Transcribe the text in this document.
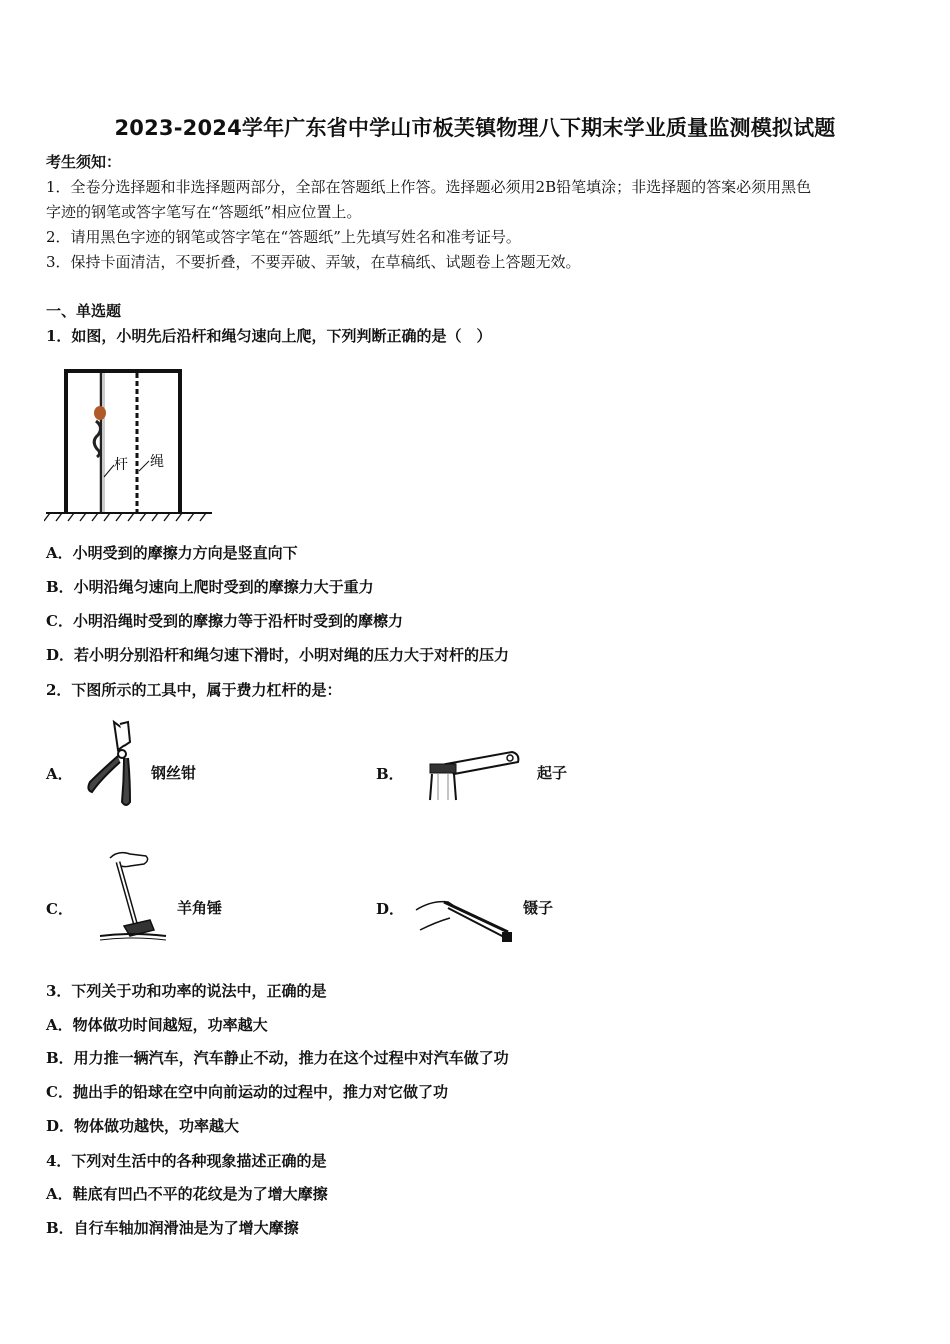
2023-2024学年广东省中学山市板芙镇物理八下期末学业质量监测模拟试题
考生须知：
1．全卷分选择题和非选择题两部分，全部在答题纸上作答。选择题必须用2B铅笔填涂；非选择题的答案必须用黑色
字迹的钢笔或答字笔写在“答题纸”相应位置上。
2．请用黑色字迹的钢笔或答字笔在“答题纸”上先填写姓名和准考证号。
3．保持卡面清洁，不要折叠，不要弄破、弄皱，在草稿纸、试题卷上答题无效。
一、单选题
1．如图，小明先后沿杆和绳匀速向上爬，下列判断正确的是（　）
杆 绳
A．小明受到的摩擦力方向是竖直向下
B．小明沿绳匀速向上爬时受到的摩擦力大于重力
C．小明沿绳时受到的摩擦力等于沿杆时受到的摩檫力
D．若小明分别沿杆和绳匀速下滑时，小明对绳的压力大于对杆的压力
2．下图所示的工具中，属于费力杠杆的是：
A．	钢丝钳	B．	起子
C．	羊角锤	D．	镊子
3．下列关于功和功率的说法中，正确的是
A．物体做功时间越短，功率越大
B．用力推一辆汽车，汽车静止不动，推力在这个过程中对汽车做了功
C．抛出手的铅球在空中向前运动的过程中，推力对它做了功
D．物体做功越快，功率越大
4．下列对生活中的各种现象描述正确的是
A．鞋底有凹凸不平的花纹是为了增大摩擦
B．自行车轴加润滑油是为了增大摩擦
